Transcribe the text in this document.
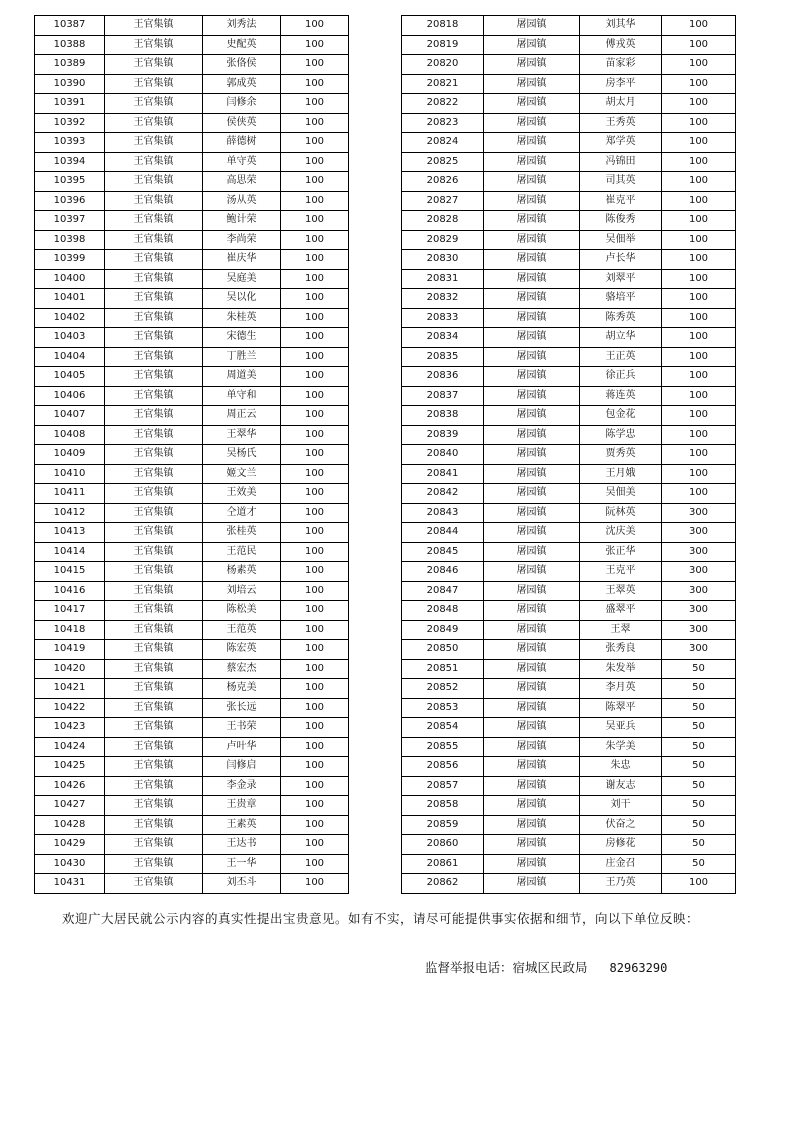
10387	王官集镇	刘秀法	100
10388	王官集镇	史配英	100
10389	王官集镇	张佫侯	100
10390	王官集镇	郭成英	100
10391	王官集镇	闫修余	100
10392	王官集镇	侯侠英	100
10393	王官集镇	薛德树	100
10394	王官集镇	单守英	100
10395	王官集镇	高思荣	100
10396	王官集镇	汤从英	100
10397	王官集镇	鲍计荣	100
10398	王官集镇	李尚荣	100
10399	王官集镇	崔庆华	100
10400	王官集镇	吴庭美	100
10401	王官集镇	吴以化	100
10402	王官集镇	朱桂英	100
10403	王官集镇	宋德生	100
10404	王官集镇	丁胜兰	100
10405	王官集镇	周道美	100
10406	王官集镇	单守和	100
10407	王官集镇	周正云	100
10408	王官集镇	王翠华	100
10409	王官集镇	吴杨氏	100
10410	王官集镇	姬文兰	100
10411	王官集镇	王效美	100
10412	王官集镇	仝道才	100
10413	王官集镇	张桂英	100
10414	王官集镇	王范民	100
10415	王官集镇	杨素英	100
10416	王官集镇	刘培云	100
10417	王官集镇	陈松美	100
10418	王官集镇	王范英	100
10419	王官集镇	陈宏英	100
10420	王官集镇	蔡宏杰	100
10421	王官集镇	杨克美	100
10422	王官集镇	张长远	100
10423	王官集镇	王书荣	100
10424	王官集镇	卢叶华	100
10425	王官集镇	闫修启	100
10426	王官集镇	李金录	100
10427	王官集镇	王贵章	100
10428	王官集镇	王素英	100
10429	王官集镇	王达书	100
10430	王官集镇	王一华	100
10431	王官集镇	刘丕斗	100
20818	屠园镇	刘其华	100
20819	屠园镇	傅戎英	100
20820	屠园镇	苗家彩	100
20821	屠园镇	房李平	100
20822	屠园镇	胡太月	100
20823	屠园镇	王秀英	100
20824	屠园镇	郑学英	100
20825	屠园镇	冯锦田	100
20826	屠园镇	司其英	100
20827	屠园镇	崔克平	100
20828	屠园镇	陈俊秀	100
20829	屠园镇	吴佃举	100
20830	屠园镇	卢长华	100
20831	屠园镇	刘翠平	100
20832	屠园镇	骆培平	100
20833	屠园镇	陈秀英	100
20834	屠园镇	胡立华	100
20835	屠园镇	王正英	100
20836	屠园镇	徐正兵	100
20837	屠园镇	蒋连英	100
20838	屠园镇	包金花	100
20839	屠园镇	陈学忠	100
20840	屠园镇	贾秀英	100
20841	屠园镇	王月娥	100
20842	屠园镇	吴佃美	100
20843	屠园镇	阮林英	300
20844	屠园镇	沈庆美	300
20845	屠园镇	张正华	300
20846	屠园镇	王克平	300
20847	屠园镇	王翠英	300
20848	屠园镇	盛翠平	300
20849	屠园镇	王翠	300
20850	屠园镇	张秀良	300
20851	屠园镇	朱发举	50
20852	屠园镇	李月英	50
20853	屠园镇	陈翠平	50
20854	屠园镇	吴亚兵	50
20855	屠园镇	朱学美	50
20856	屠园镇	朱忠	50
20857	屠园镇	谢友志	50
20858	屠园镇	刘干	50
20859	屠园镇	伏奋之	50
20860	屠园镇	房修花	50
20861	屠园镇	庄金召	50
20862	屠园镇	王乃英	100
欢迎广大居民就公示内容的真实性提出宝贵意见。如有不实，请尽可能提供事实依据和细节，向以下单位反映：
监督举报电话：宿城区民政局 82963290
